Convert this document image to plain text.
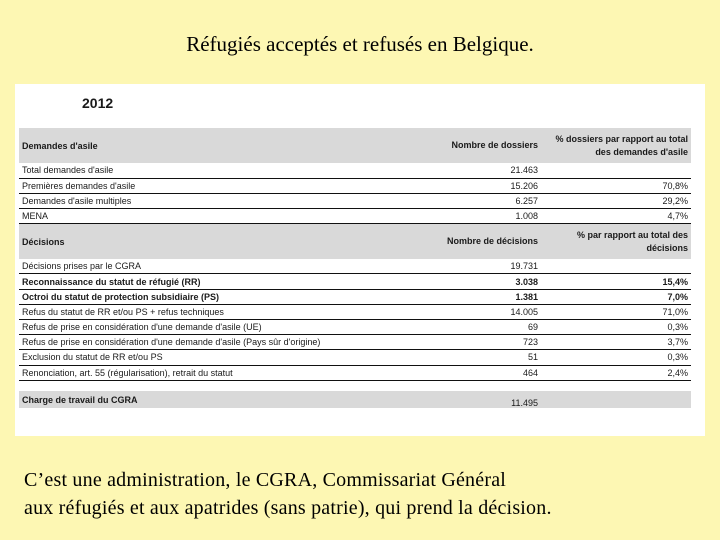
Réfugiés acceptés et refusés en Belgique.
2012
Demandes d'asile	Nombre de dossiers	% dossiers par rapport au total des demandes d'asile
Total demandes d'asile	21.463	
Premières demandes d'asile	15.206	70,8%
Demandes d'asile multiples	6.257	29,2%
MENA	1.008	4,7%
Décisions	Nombre de décisions	% par rapport au total des décisions
Décisions prises par le CGRA	19.731	
Reconnaissance du statut de réfugié (RR)	3.038	15,4%
Octroi du statut de protection subsidiaire (PS)	1.381	7,0%
Refus du statut de RR et/ou PS + refus techniques	14.005	71,0%
Refus de prise en considération d'une demande d'asile (UE)	69	0,3%
Refus de prise en considération d'une demande d'asile (Pays sûr d'origine)	723	3,7%
Exclusion du statut de RR et/ou PS	51	0,3%
Renonciation, art. 55 (régularisation), retrait du statut	464	2,4%

Charge de travail du CGRA	11.495	
C’est une administration, le CGRA, Commissariat Général
aux réfugiés et aux apatrides (sans patrie), qui prend la décision.
